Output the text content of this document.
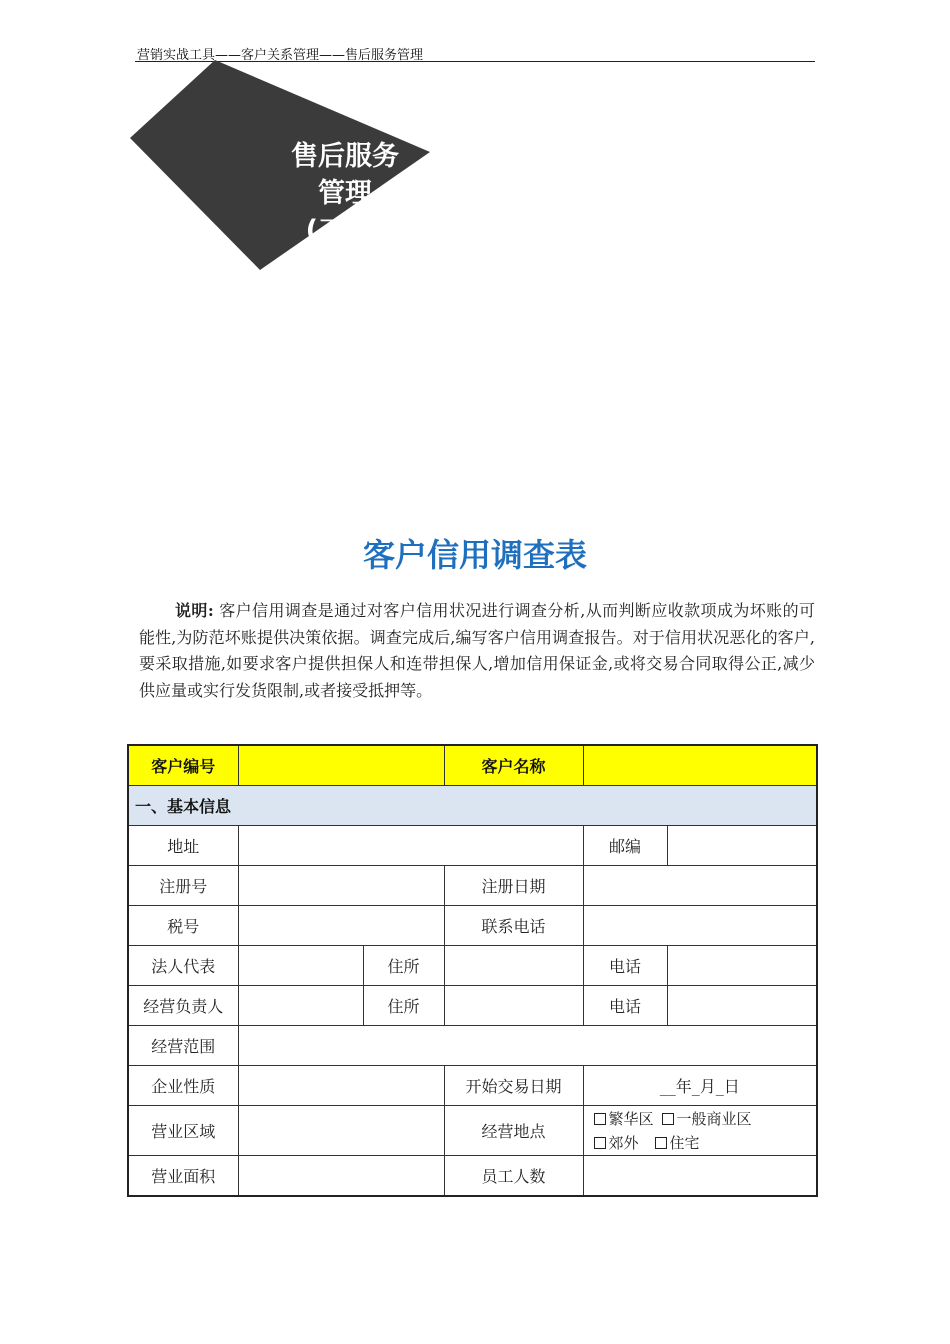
营销实战工具——客户关系管理——售后服务管理
售后服务
管理
(工具)
客户信用调查表
说明: 客户信用调查是通过对客户信用状况进行调查分析,从而判断应收款项成为坏账的可能性,为防范坏账提供决策依据。调查完成后,编写客户信用调查报告。对于信用状况恶化的客户,要采取措施,如要求客户提供担保人和连带担保人,增加信用保证金,或将交易合同取得公正,减少供应量或实行发货限制,或者接受抵押等。
客户编号			客户名称		
一、基本信息					
地址				邮编	
注册号			注册日期		
税号			联系电话		
法人代表		住所		电话	
经营负责人		住所		电话	
经营范围					
企业性质			开始交易日期	__年_月_日	
营业区域			经营地点	繁华区 一般商业区
郊外 住宅	
营业面积			员工人数		
